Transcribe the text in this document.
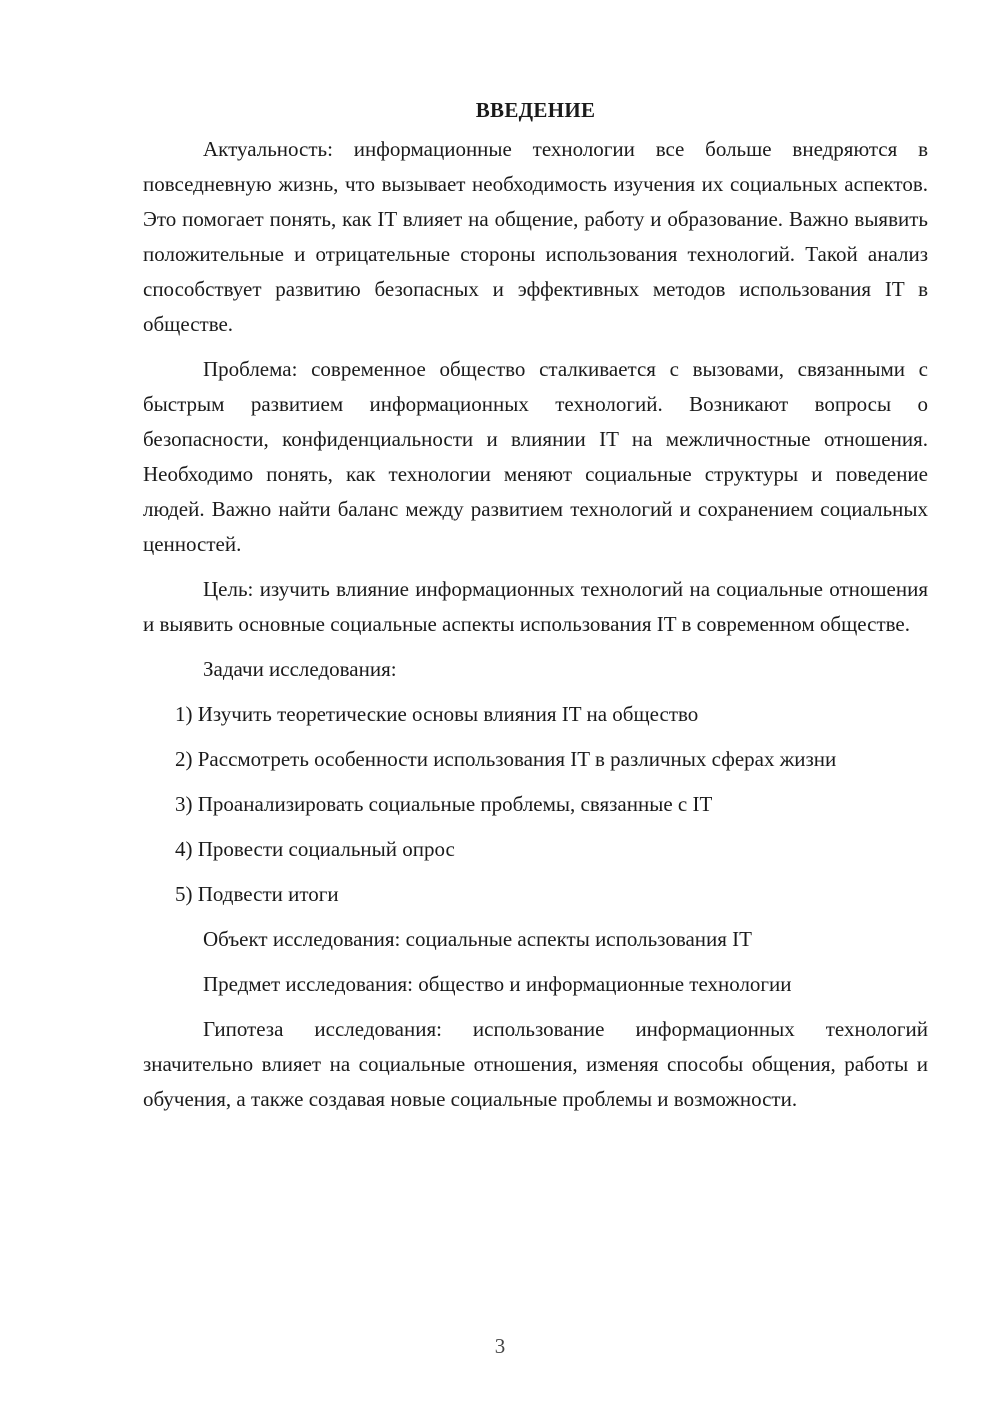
ВВЕДЕНИЕ

Актуальность: информационные технологии все больше внедряются в повседневную жизнь, что вызывает необходимость изучения их социальных аспектов. Это помогает понять, как IT влияет на общение, работу и образование. Важно выявить положительные и отрицательные стороны использования технологий. Такой анализ способствует развитию безопасных и эффективных методов использования IT в обществе.

Проблема: современное общество сталкивается с вызовами, связанными с быстрым развитием информационных технологий. Возникают вопросы о безопасности, конфиденциальности и влиянии IT на межличностные отношения. Необходимо понять, как технологии меняют социальные структуры и поведение людей. Важно найти баланс между развитием технологий и сохранением социальных ценностей.

Цель: изучить влияние информационных технологий на социальные отношения и выявить основные социальные аспекты использования IT в современном обществе.

Задачи исследования:

1) Изучить теоретические основы влияния IT на общество

2) Рассмотреть особенности использования IT в различных сферах жизни

3) Проанализировать социальные проблемы, связанные с IT

4) Провести социальный опрос

5) Подвести итоги

Объект исследования: социальные аспекты использования IT

Предмет исследования: общество и информационные технологии

Гипотеза исследования: использование информационных технологий значительно влияет на социальные отношения, изменяя способы общения, работы и обучения, а также создавая новые социальные проблемы и возможности.

3
